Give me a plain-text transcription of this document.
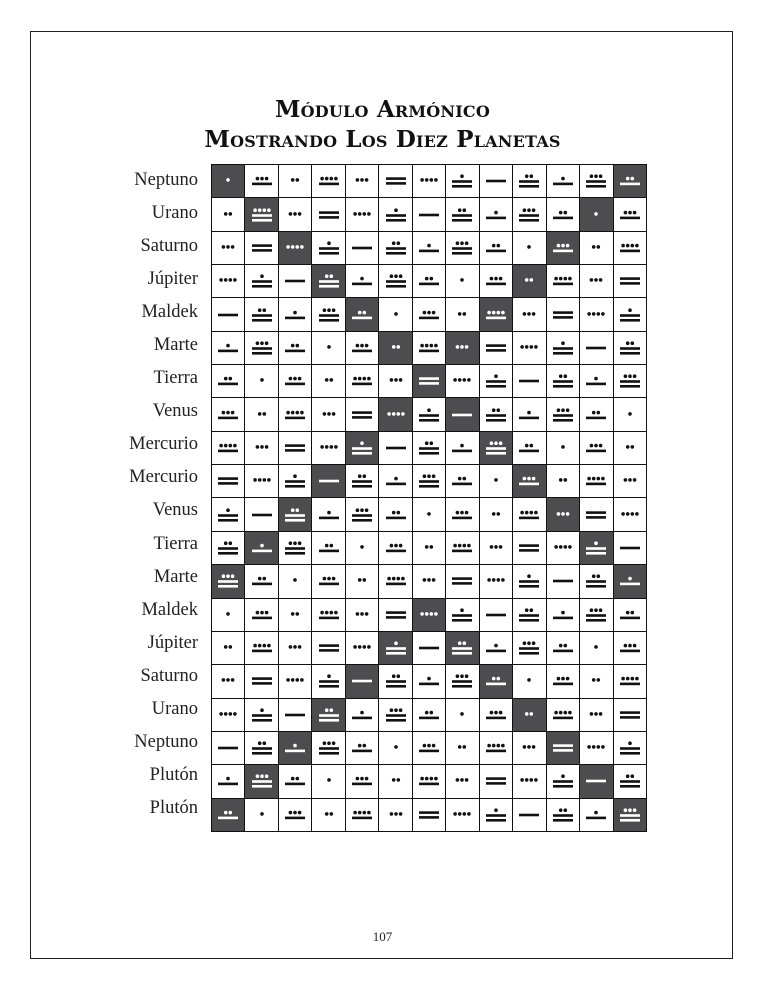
Módulo Armónico
Mostrando Los Diez Planetas
Neptuno
Urano
Saturno
Júpiter
Maldek
Marte
Tierra
Venus
Mercurio
Mercurio
Venus
Tierra
Marte
Maldek
Júpiter
Saturno
Urano
Neptuno
Plutón
Plutón
107
